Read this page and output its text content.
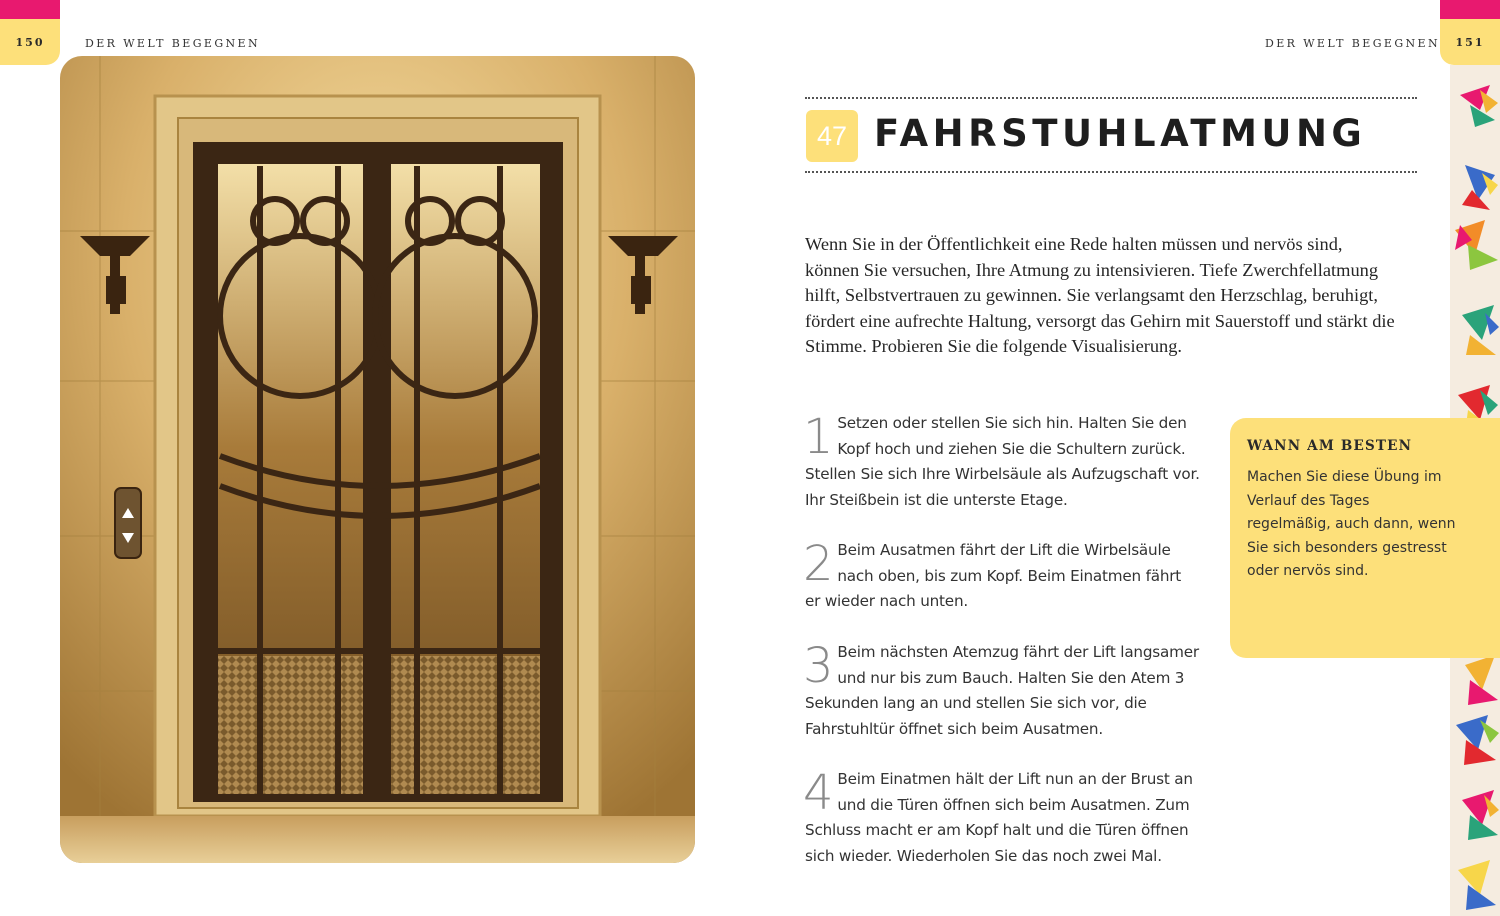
150	DER WELT BEGEGNEN	DER WELT BEGEGNEN	151
47 FAHRSTUHLATMUNG

Wenn Sie in der Öffentlichkeit eine Rede halten müssen und nervös sind, können Sie versuchen, Ihre Atmung zu intensivieren. Tiefe Zwerchfellatmung hilft, Selbstvertrauen zu gewinnen. Sie verlangsamt den Herzschlag, beruhigt, fördert eine aufrechte Haltung, versorgt das Gehirn mit Sauerstoff und stärkt die Stimme. Probieren Sie die folgende Visualisierung.

1 Setzen oder stellen Sie sich hin. Halten Sie den Kopf hoch und ziehen Sie die Schultern zurück. Stellen Sie sich Ihre Wirbelsäule als Aufzugschaft vor. Ihr Steißbein ist die unterste Etage.
2 Beim Ausatmen fährt der Lift die Wirbelsäule nach oben, bis zum Kopf. Beim Einatmen fährt er wieder nach unten.
3 Beim nächsten Atemzug fährt der Lift langsamer und nur bis zum Bauch. Halten Sie den Atem 3 Sekunden lang an und stellen Sie sich vor, die Fahrstuhltür öffnet sich beim Ausatmen.
4 Beim Einatmen hält der Lift nun an der Brust an und die Türen öffnen sich beim Ausatmen. Zum Schluss macht er am Kopf halt und die Türen öffnen sich wieder. Wiederholen Sie das noch zwei Mal.
WANN AM BESTEN

Machen Sie diese Übung im Verlauf des Tages regelmäßig, auch dann, wenn Sie sich besonders gestresst oder nervös sind.
